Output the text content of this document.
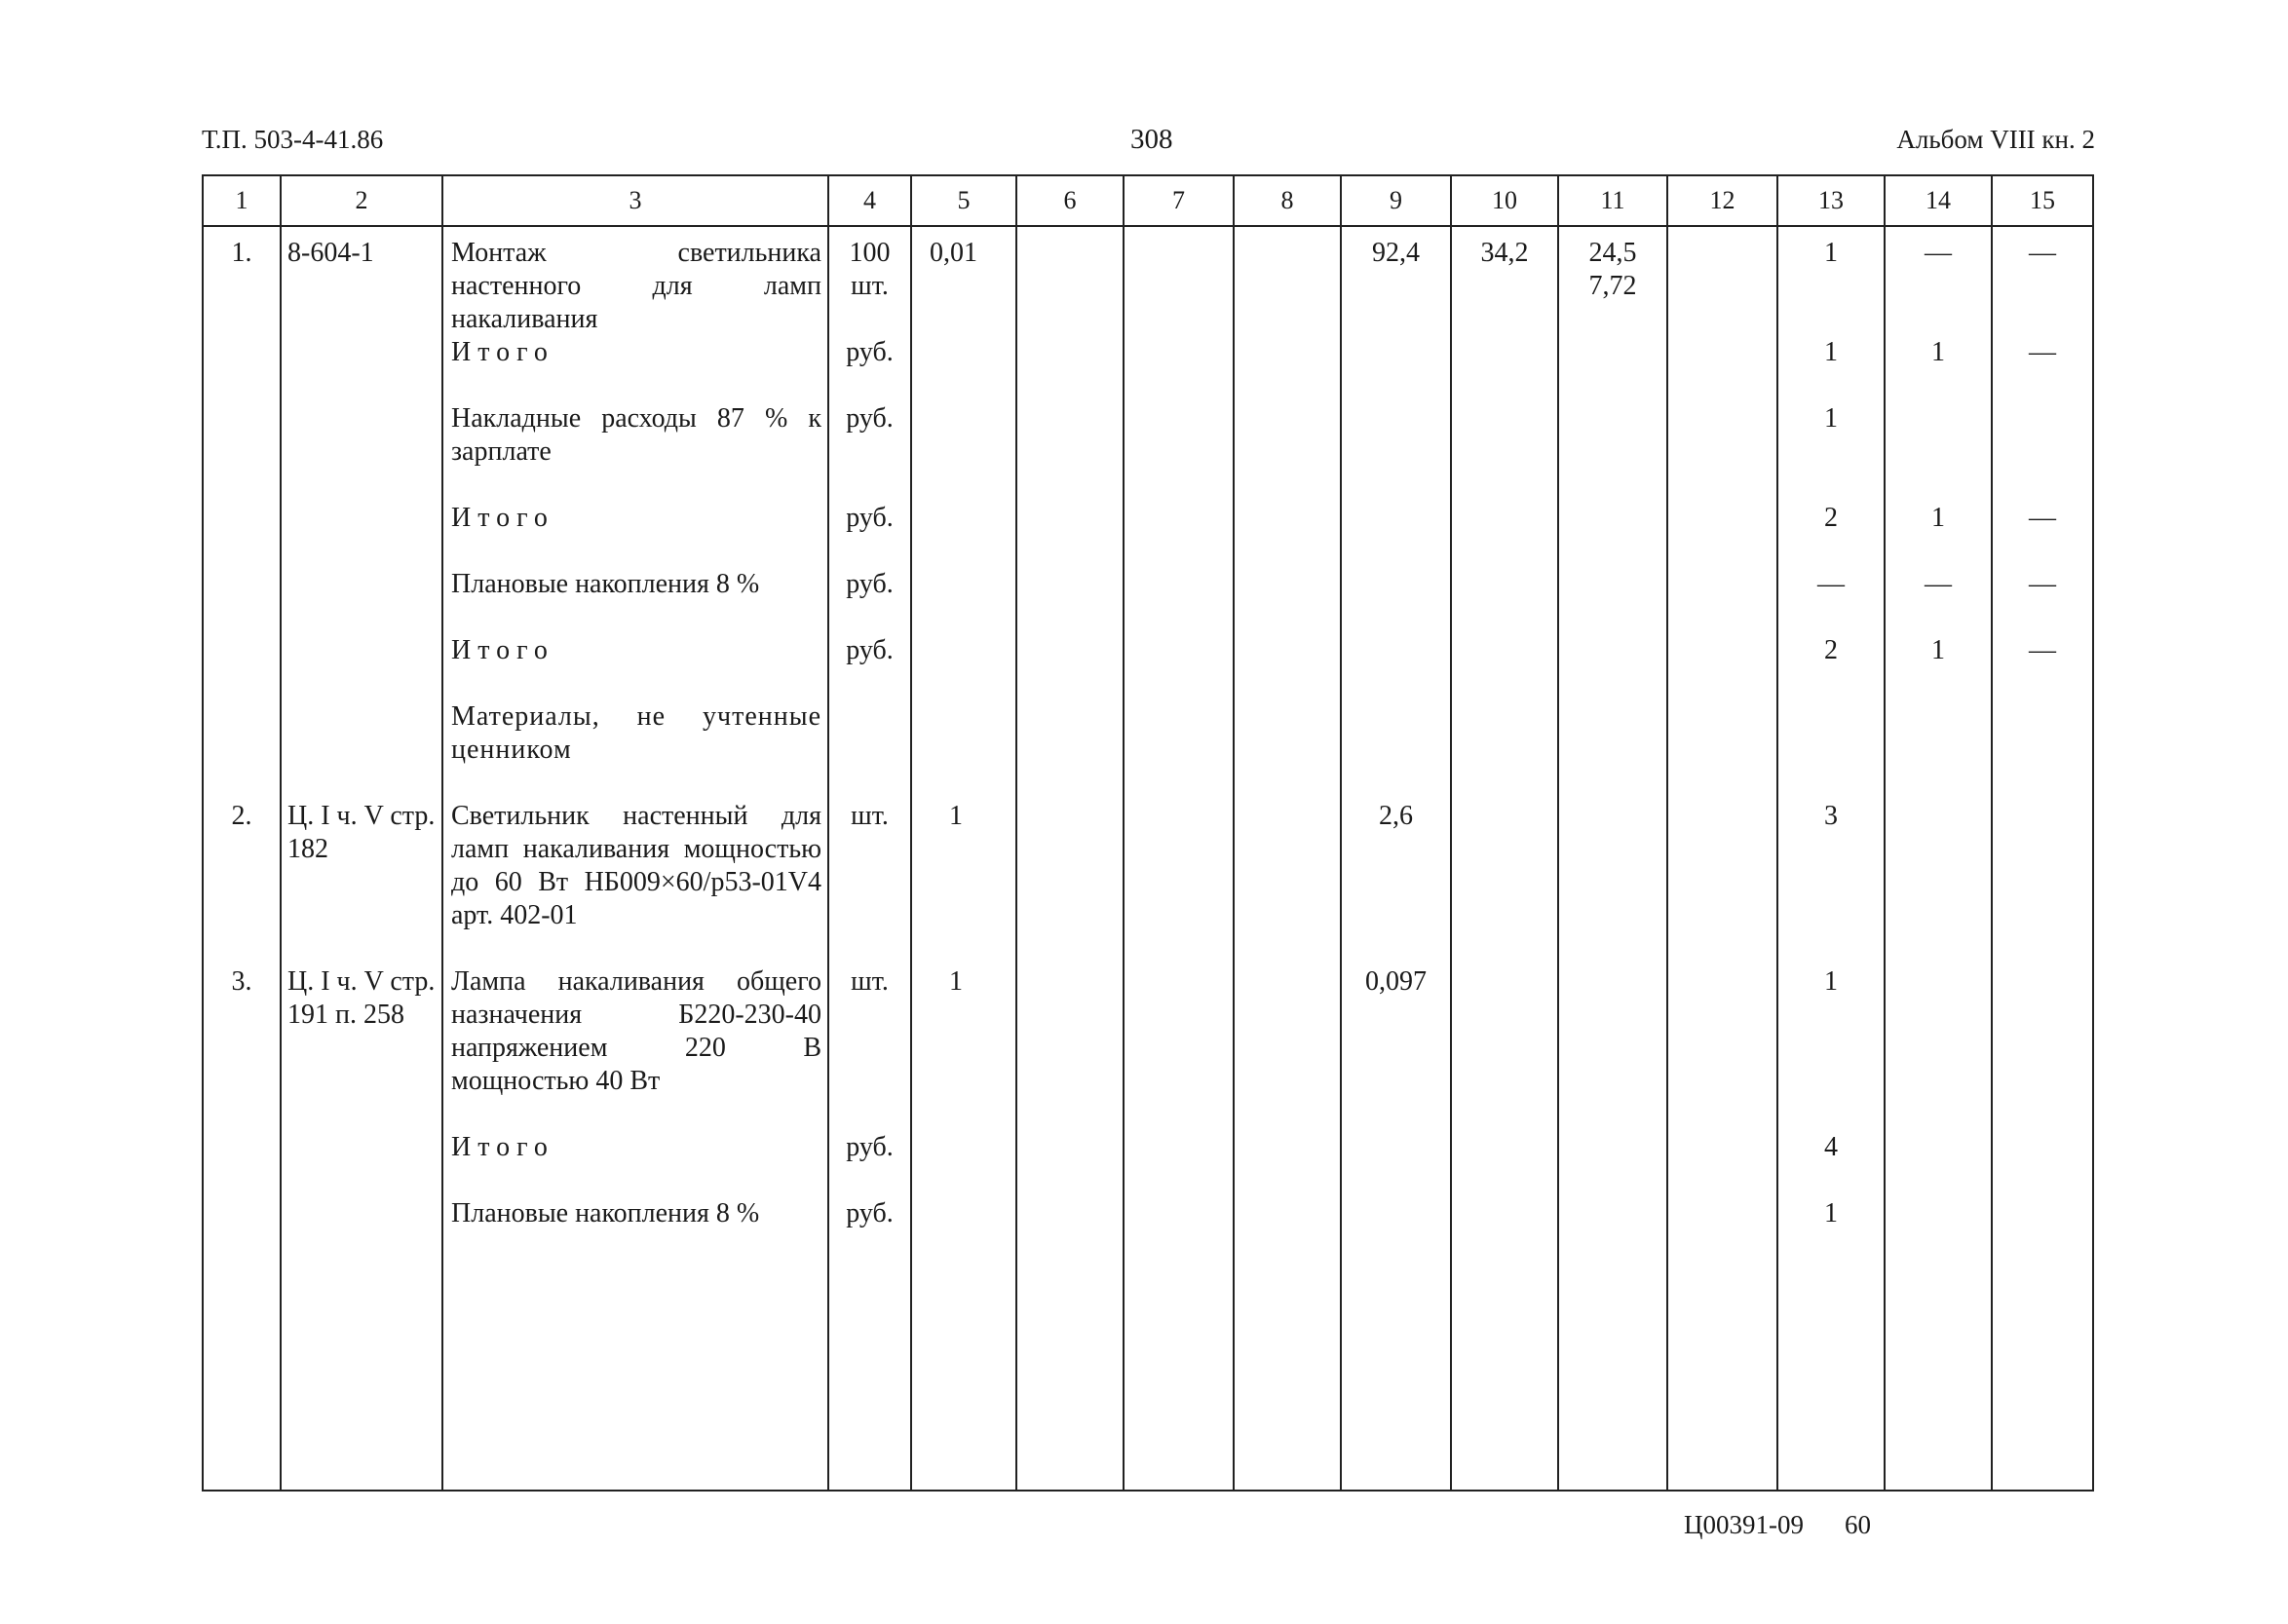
Т.П. 503-4-41.86	308	Альбом VIII кн. 2
1	2	3	4	5	6	7	8	9	10	11	12	13	14	15
1.	8-604-1	Монтаж светильника настенного для ламп накаливания	100 шт.	0,01				92,4	34,2	24,5 7,72		1	—	—
		Итого	руб.									1	1	—
		Накладные расходы 87 % к зарплате	руб.									1		
		Итого	руб.									2	1	—
		Плановые накопления 8 %	руб.									—	—	—
		Итого	руб.									2	1	—
		Материалы, не учтенные ценником												
2.	Ц. I ч. V стр. 182	Светильник настенный для ламп накаливания мощностью до 60 Вт НБ009×60/р53-01V4 арт. 402-01	шт.	1				2,6				3		
3.	Ц. I ч. V стр. 191 п. 258	Лампа накаливания общего назначения Б220-230-40 напряжением 220 В мощностью 40 Вт	шт.	1				0,097				1		
		Итого	руб.									4		
		Плановые накопления 8 %	руб.									1		

Ц00391-09 60
